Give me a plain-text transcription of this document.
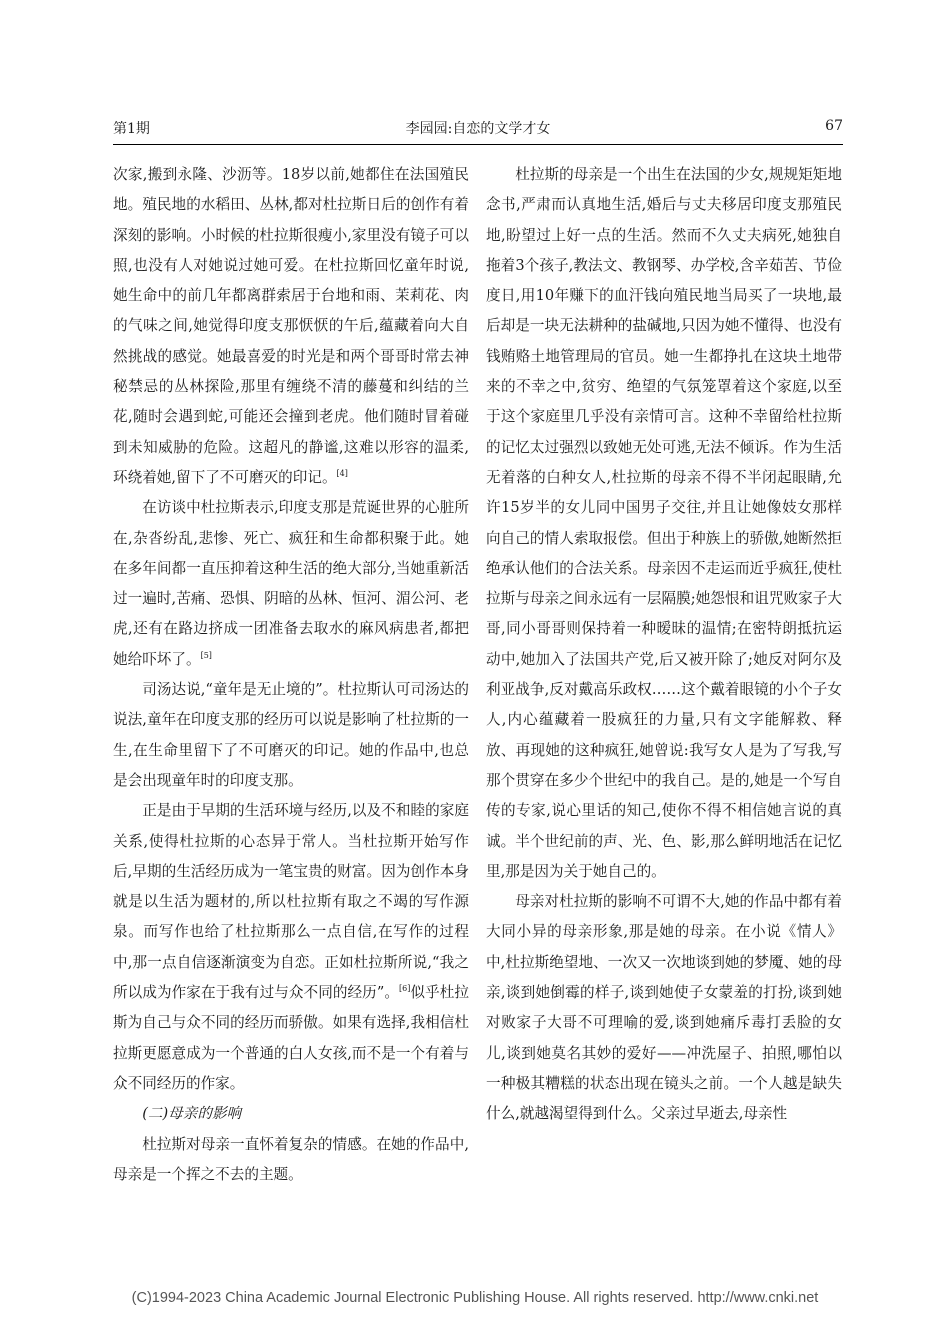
第1期	李园园:自恋的文学才女	67

次家,搬到永隆、沙沥等。18岁以前,她都住在法国殖民地。殖民地的水稻田、丛林,都对杜拉斯日后的创作有着深刻的影响。小时候的杜拉斯很瘦小,家里没有镜子可以照,也没有人对她说过她可爱。在杜拉斯回忆童年时说,她生命中的前几年都离群索居于台地和雨、茉莉花、肉的气味之间,她觉得印度支那恹恹的午后,蕴藏着向大自然挑战的感觉。她最喜爱的时光是和两个哥哥时常去神秘禁忌的丛林探险,那里有缠绕不清的藤蔓和纠结的兰花,随时会遇到蛇,可能还会撞到老虎。他们随时冒着碰到未知威胁的危险。这超凡的静谧,这难以形容的温柔,环绕着她,留下了不可磨灭的印记。[4]

在访谈中杜拉斯表示,印度支那是荒诞世界的心脏所在,杂沓纷乱,悲惨、死亡、疯狂和生命都积聚于此。她在多年间都一直压抑着这种生活的绝大部分,当她重新活过一遍时,苦痛、恐惧、阴暗的丛林、恒河、湄公河、老虎,还有在路边挤成一团准备去取水的麻风病患者,都把她给吓坏了。[5]

司汤达说,“童年是无止境的”。杜拉斯认可司汤达的说法,童年在印度支那的经历可以说是影响了杜拉斯的一生,在生命里留下了不可磨灭的印记。她的作品中,也总是会出现童年时的印度支那。

正是由于早期的生活环境与经历,以及不和睦的家庭关系,使得杜拉斯的心态异于常人。当杜拉斯开始写作后,早期的生活经历成为一笔宝贵的财富。因为创作本身就是以生活为题材的,所以杜拉斯有取之不竭的写作源泉。而写作也给了杜拉斯那么一点自信,在写作的过程中,那一点自信逐渐演变为自恋。正如杜拉斯所说,“我之所以成为作家在于我有过与众不同的经历”。[6]似乎杜拉斯为自己与众不同的经历而骄傲。如果有选择,我相信杜拉斯更愿意成为一个普通的白人女孩,而不是一个有着与众不同经历的作家。

(二)母亲的影响

杜拉斯对母亲一直怀着复杂的情感。在她的作品中,母亲是一个挥之不去的主题。

杜拉斯的母亲是一个出生在法国的少女,规规矩矩地念书,严肃而认真地生活,婚后与丈夫移居印度支那殖民地,盼望过上好一点的生活。然而不久丈夫病死,她独自拖着3个孩子,教法文、教钢琴、办学校,含辛茹苦、节俭度日,用10年赚下的血汗钱向殖民地当局买了一块地,最后却是一块无法耕种的盐碱地,只因为她不懂得、也没有钱贿赂土地管理局的官员。她一生都挣扎在这块土地带来的不幸之中,贫穷、绝望的气氛笼罩着这个家庭,以至于这个家庭里几乎没有亲情可言。这种不幸留给杜拉斯的记忆太过强烈以致她无处可逃,无法不倾诉。作为生活无着落的白种女人,杜拉斯的母亲不得不半闭起眼睛,允许15岁半的女儿同中国男子交往,并且让她像妓女那样向自己的情人索取报偿。但出于种族上的骄傲,她断然拒绝承认他们的合法关系。母亲因不走运而近乎疯狂,使杜拉斯与母亲之间永远有一层隔膜;她怨恨和诅咒败家子大哥,同小哥哥则保持着一种暧昧的温情;在密特朗抵抗运动中,她加入了法国共产党,后又被开除了;她反对阿尔及利亚战争,反对戴高乐政权……这个戴着眼镜的小个子女人,内心蕴藏着一股疯狂的力量,只有文字能解救、释放、再现她的这种疯狂,她曾说:我写女人是为了写我,写那个贯穿在多少个世纪中的我自己。是的,她是一个写自传的专家,说心里话的知己,使你不得不相信她言说的真诚。半个世纪前的声、光、色、影,那么鲜明地活在记忆里,那是因为关于她自己的。

母亲对杜拉斯的影响不可谓不大,她的作品中都有着大同小异的母亲形象,那是她的母亲。在小说《情人》中,杜拉斯绝望地、一次又一次地谈到她的梦魇、她的母亲,谈到她倒霉的样子,谈到她使子女蒙羞的打扮,谈到她对败家子大哥不可理喻的爱,谈到她痛斥毒打丢脸的女儿,谈到她莫名其妙的爱好——冲洗屋子、拍照,哪怕以一种极其糟糕的状态出现在镜头之前。一个人越是缺失什么,就越渴望得到什么。父亲过早逝去,母亲性

(C)1994-2023 China Academic Journal Electronic Publishing House. All rights reserved. http://www.cnki.net
